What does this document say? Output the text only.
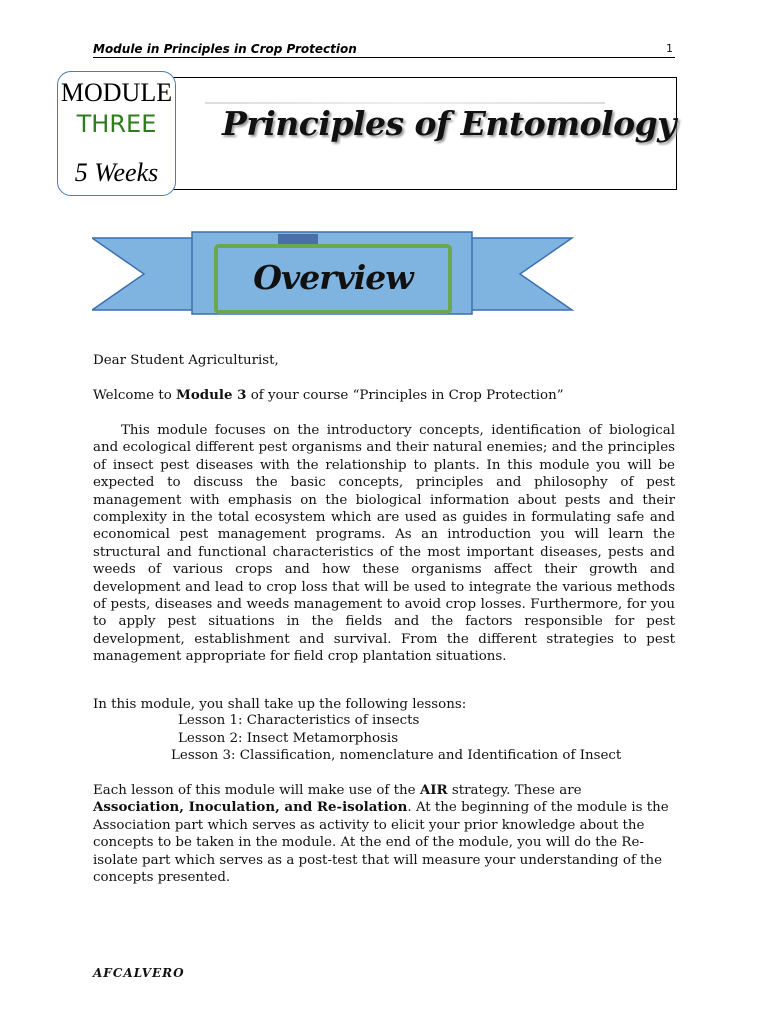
Module in Principles in Crop Protection	1
Principles of Entomology
MODULE
THREE
5 Weeks
Overview
Dear Student Agriculturist,
Welcome to Module 3 of your course “Principles in Crop Protection”
This module focuses on the introductory concepts, identification of biological and ecological different pest organisms and their natural enemies; and the principles of insect pest diseases with the relationship to plants. In this module you will be expected to discuss the basic concepts, principles and philosophy of pest management with emphasis on the biological information about pests and their complexity in the total ecosystem which are used as guides in formulating safe and economical pest management programs. As an introduction you will learn the structural and functional characteristics of the most important diseases, pests and weeds of various crops and how these organisms affect their growth and development and lead to crop loss that will be used to integrate the various methods of pests, diseases and weeds management to avoid crop losses. Furthermore, for you to apply pest situations in the fields and the factors responsible for pest development, establishment and survival. From the different strategies to pest management appropriate for field crop plantation situations.
In this module, you shall take up the following lessons:
Lesson 1: Characteristics of insects
Lesson 2: Insect Metamorphosis
Lesson 3: Classification, nomenclature and Identification of Insect
Each lesson of this module will make use of the AIR strategy. These are Association, Inoculation, and Re-isolation. At the beginning of the module is the Association part which serves as activity to elicit your prior knowledge about the concepts to be taken in the module. At the end of the module, you will do the Re-isolate part which serves as a post-test that will measure your understanding of the concepts presented.
AFCALVERO
